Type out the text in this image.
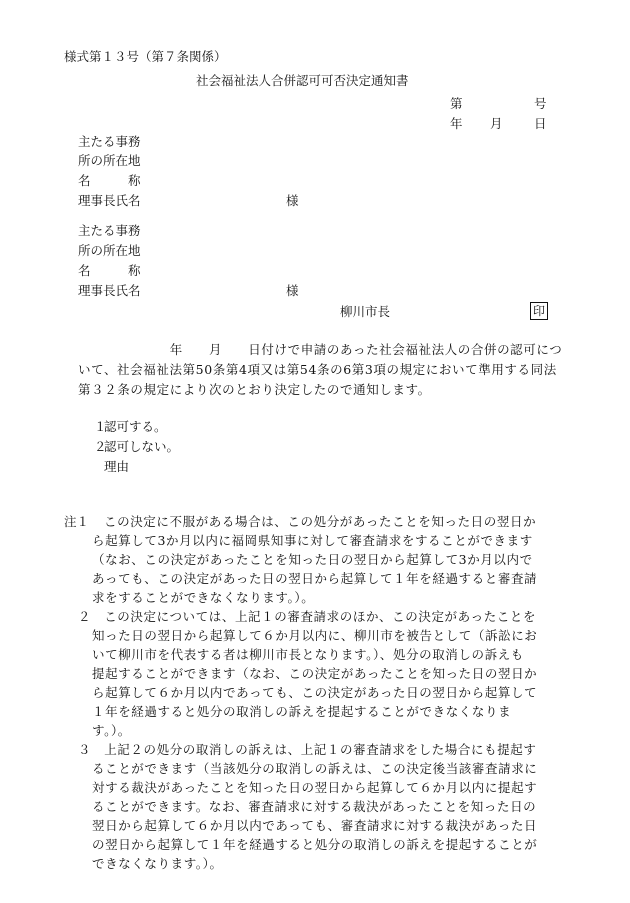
様式第１３号（第７条関係）
社会福祉法人合併認可可否決定通知書
第	号
年 月	日
主たる事務
所の所在地
名　　　称
理事長氏名	様
主たる事務
所の所在地
名　　　称
理事長氏名	様
柳川市長	印
　　　　　　　年　　月　　日付けで申請のあった社会福祉法人の合併の認可につ
いて、社会福祉法第50条第4項又は第54条の6第3項の規定において準用する同法
第３２条の規定により次のとおり決定したので通知します。
１
認可する。
２
認可しない。
理由
注１ この決定に不服がある場合は、この処分があったことを知った日の翌日か
ら起算して3か月以内に福岡県知事に対して審査請求をすることができます
（なお、この決定があったことを知った日の翌日から起算して3か月以内で
あっても、この決定があった日の翌日から起算して１年を経過すると審査請
求をすることができなくなります。）。
２　この決定については、上記１の審査請求のほか、この決定があったことを
知った日の翌日から起算して６か月以内に、柳川市を被告として（訴訟にお
いて柳川市を代表する者は柳川市長となります。）、処分の取消しの訴えも
提起することができます（なお、この決定があったことを知った日の翌日か
ら起算して６か月以内であっても、この決定があった日の翌日から起算して
１年を経過すると処分の取消しの訴えを提起することができなくなりま
す。）。
３　上記２の処分の取消しの訴えは、上記１の審査請求をした場合にも提起す
ることができます（当該処分の取消しの訴えは、この決定後当該審査請求に
対する裁決があったことを知った日の翌日から起算して６か月以内に提起す
ることができます。なお、審査請求に対する裁決があったことを知った日の
翌日から起算して６か月以内であっても、審査請求に対する裁決があった日
の翌日から起算して１年を経過すると処分の取消しの訴えを提起することが
できなくなります。）。
